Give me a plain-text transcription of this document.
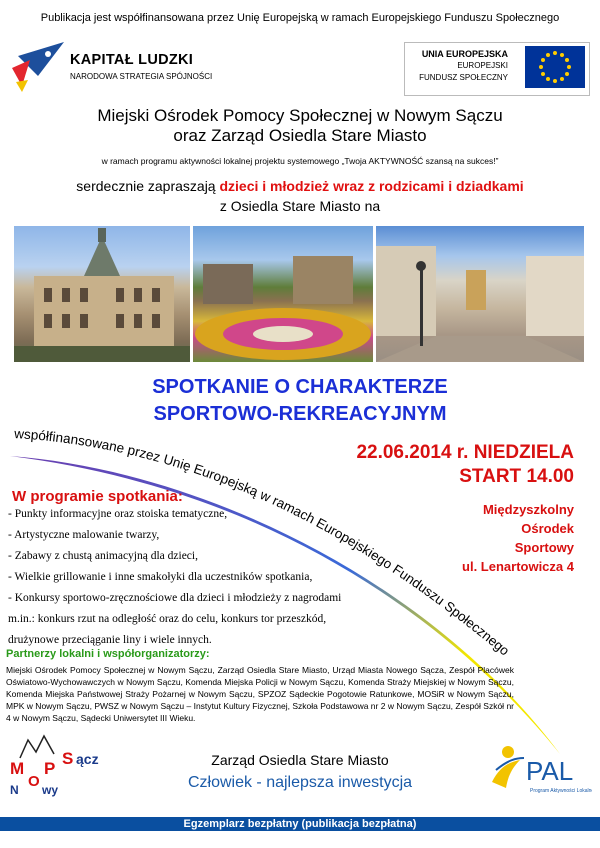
Publikacja jest współfinansowana przez Unię Europejską w ramach Europejskiego Funduszu Społecznego
KAPITAŁ LUDZKI
NARODOWA STRATEGIA SPÓJNOŚCI
UNIA EUROPEJSKA
EUROPEJSKI
FUNDUSZ SPOŁECZNY
Miejski Ośrodek Pomocy Społecznej w Nowym Sączu
oraz Zarząd Osiedla Stare Miasto
w ramach programu aktywności lokalnej projektu systemowego „Twoja AKTYWNOŚĆ szansą na sukces!”
serdecznie zapraszają dzieci i młodzież wraz z rodzicami i dziadkami
z Osiedla Stare Miasto na
SPOTKANIE O CHARAKTERZE
SPORTOWO-REKREACYJNYM
współfinansowane przez Unię Europejską w ramach Europejskiego Funduszu Społecznego
22.06.2014 r. NIEDZIELA
START 14.00
Międzyszkolny
Ośrodek
Sportowy
ul. Lenartowicza 4
W programie spotkania:
- Punkty informacyjne oraz stoiska tematyczne,
- Artystyczne malowanie twarzy,
- Zabawy z chustą animacyjną dla dzieci,
- Wielkie grillowanie i inne smakołyki dla uczestników spotkania,
- Konkursy sportowo-zręcznościowe dla dzieci i młodzieży z nagrodami
m.in.: konkurs rzut na odległość oraz do celu, konkurs tor przeszkód,
drużynowe przeciąganie liny i wiele innych.
Partnerzy lokalni i współorganizatorzy:
Miejski Ośrodek Pomocy Społecznej w Nowym Sączu, Zarząd Osiedla Stare Miasto, Urząd Miasta Nowego Sącza, Zespół Placówek Oświatowo-Wychowawczych w Nowym Sączu, Komenda Miejska Policji w Nowym Sączu, Komenda Straży Miejskiej w Nowym Sączu, Komenda Miejska Państwowej Straży Pożarnej w Nowym Sączu, SPZOZ Sądeckie Pogotowie Ratunkowe, MOSiR w Nowym Sączu, MPK w Nowym Sączu, PWSZ w Nowym Sączu – Instytut Kultury Fizycznej, Szkoła Podstawowa nr 2 w Nowym Sączu, Zespół Szkół nr 4 w Nowym Sączu, Sądecki Uniwersytet III Wieku.
M
O
P
S ącz
N wy
Zarząd Osiedla Stare Miasto
Człowiek - najlepsza inwestycja	PAL
Program Aktywności Lokalnej
Egzemplarz bezpłatny (publikacja bezpłatna)
